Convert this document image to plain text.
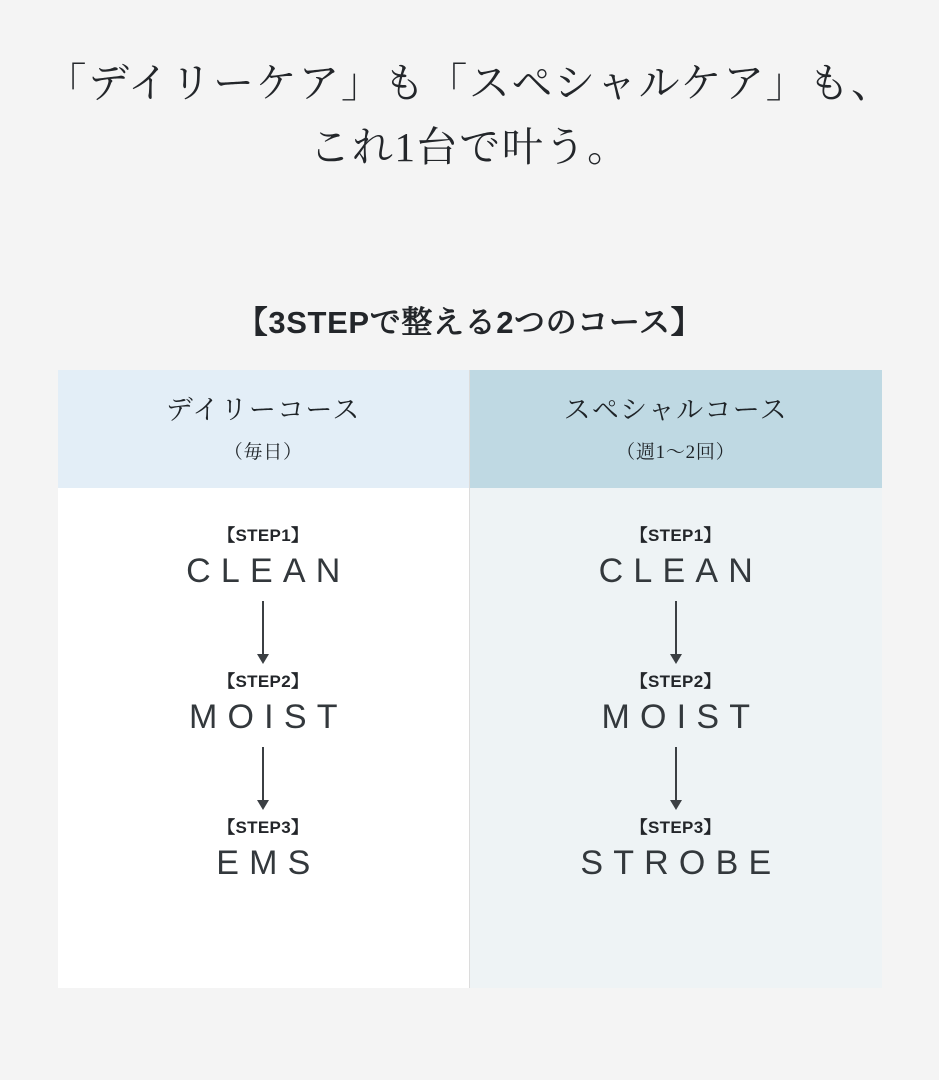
「デイリーケア」も「スペシャルケア」も、
これ1台で叶う。
【3STEPで整える2つのコース】
デイリーコース
（毎日）
【STEP1】
CLEAN
【STEP2】
MOIST
【STEP3】
EMS
スペシャルコース
（週1〜2回）
【STEP1】
CLEAN
【STEP2】
MOIST
【STEP3】
STROBE
